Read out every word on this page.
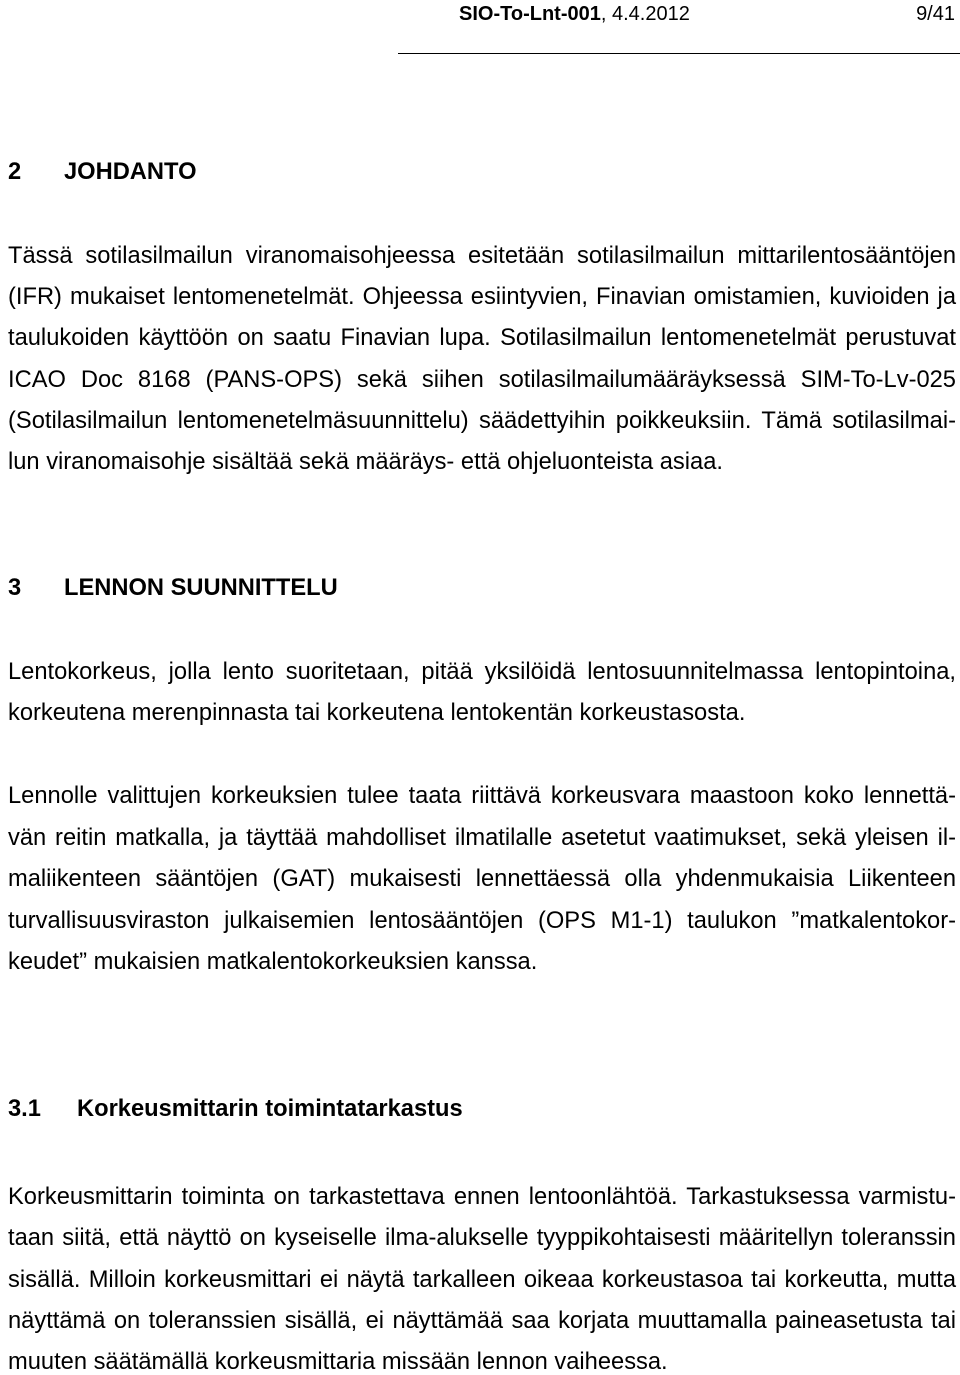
SIO-To-Lnt-001, 4.4.2012	9/41
2 JOHDANTO
Tässä sotilasilmailun viranomaisohjeessa esitetään sotilasilmailun mittarilentosääntöjen
(IFR) mukaiset lentomenetelmät. Ohjeessa esiintyvien, Finavian omistamien, kuvioiden ja
taulukoiden käyttöön on saatu Finavian lupa. Sotilasilmailun lentomenetelmät perustuvat
ICAO Doc 8168 (PANS-OPS) sekä siihen sotilasilmailumääräyksessä SIM-To-Lv-025
(Sotilasilmailun lentomenetelmäsuunnittelu) säädettyihin poikkeuksiin. Tämä sotilasilmai-
lun viranomaisohje sisältää sekä määräys- että ohjeluonteista asiaa.
3 LENNON SUUNNITTELU
Lentokorkeus, jolla lento suoritetaan, pitää yksilöidä lentosuunnitelmassa lentopintoina,
korkeutena merenpinnasta tai korkeutena lentokentän korkeustasosta.
Lennolle valittujen korkeuksien tulee taata riittävä korkeusvara maastoon koko lennettä-
vän reitin matkalla, ja täyttää mahdolliset ilmatilalle asetetut vaatimukset, sekä yleisen il-
maliikenteen sääntöjen (GAT) mukaisesti lennettäessä olla yhdenmukaisia Liikenteen
turvallisuusviraston julkaisemien lentosääntöjen (OPS M1-1) taulukon ”matkalentokor-
keudet” mukaisien matkalentokorkeuksien kanssa.
3.1 Korkeusmittarin toimintatarkastus
Korkeusmittarin toiminta on tarkastettava ennen lentoonlähtöä. Tarkastuksessa varmistu-
taan siitä, että näyttö on kyseiselle ilma-alukselle tyyppikohtaisesti määritellyn toleranssin
sisällä. Milloin korkeusmittari ei näytä tarkalleen oikeaa korkeustasoa tai korkeutta, mutta
näyttämä on toleranssien sisällä, ei näyttämää saa korjata muuttamalla paineasetusta tai
muuten säätämällä korkeusmittaria missään lennon vaiheessa.
